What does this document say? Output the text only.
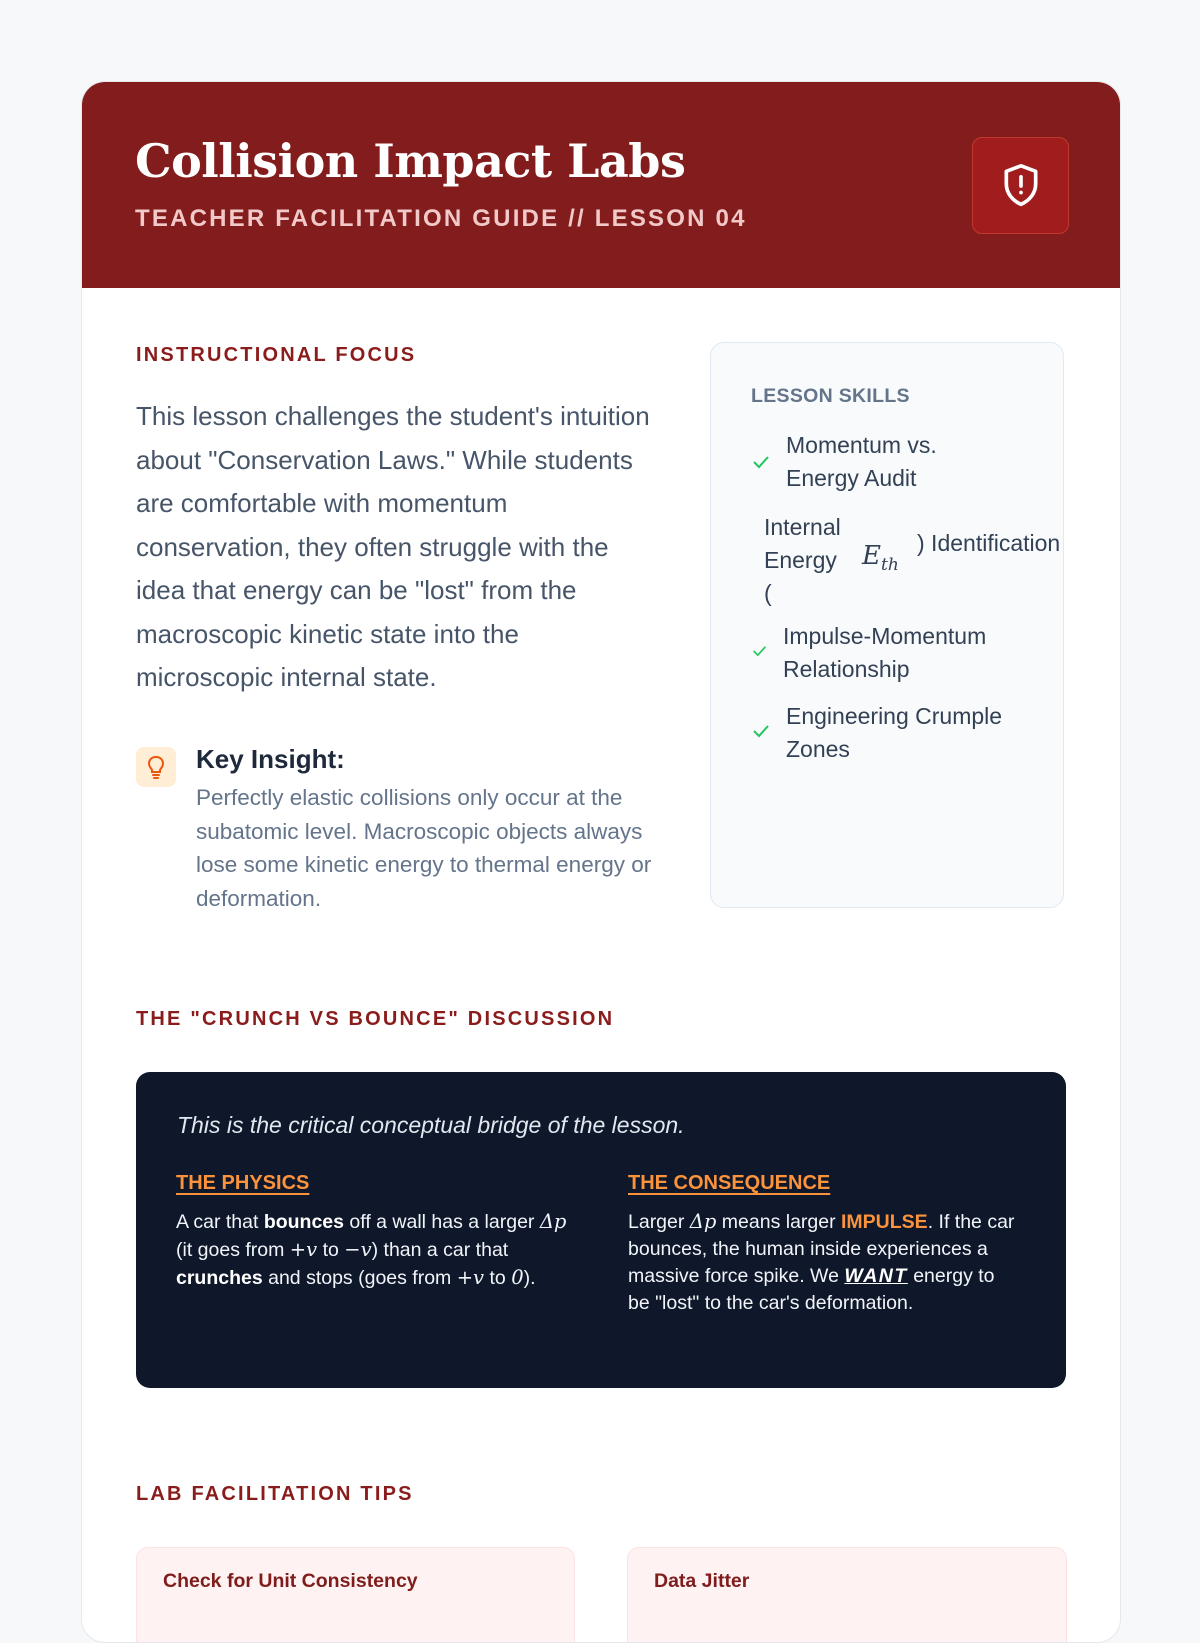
Collision Impact Labs
TEACHER FACILITATION GUIDE // LESSON 04
INSTRUCTIONAL FOCUS

This lesson challenges the student's intuition about "Conservation Laws." While students are comfortable with momentum conservation, they often struggle with the idea that energy can be "lost" from the macroscopic kinetic state into the microscopic internal state.

Key Insight:

Perfectly elastic collisions only occur at the subatomic level. Macroscopic objects always lose some kinetic energy to thermal energy or deformation.

LESSON SKILLS
Momentum vs. Energy Audit
Internal Energy (
$E_{th}$
) Identification
Impulse-Momentum Relationship
Engineering Crumple Zones
THE "CRUNCH VS BOUNCE" DISCUSSION

This is the critical conceptual bridge of the lesson.

THE PHYSICS

A car that bounces off a wall has a larger Δp (it goes from +v to −v) than a car that crunches and stops (goes from +v to 0).

THE CONSEQUENCE

Larger Δp means larger IMPULSE. If the car bounces, the human inside experiences a massive force spike. We WANT energy to be "lost" to the car's deformation.

LAB FACILITATION TIPS
Check for Unit Consistency	Data Jitter
